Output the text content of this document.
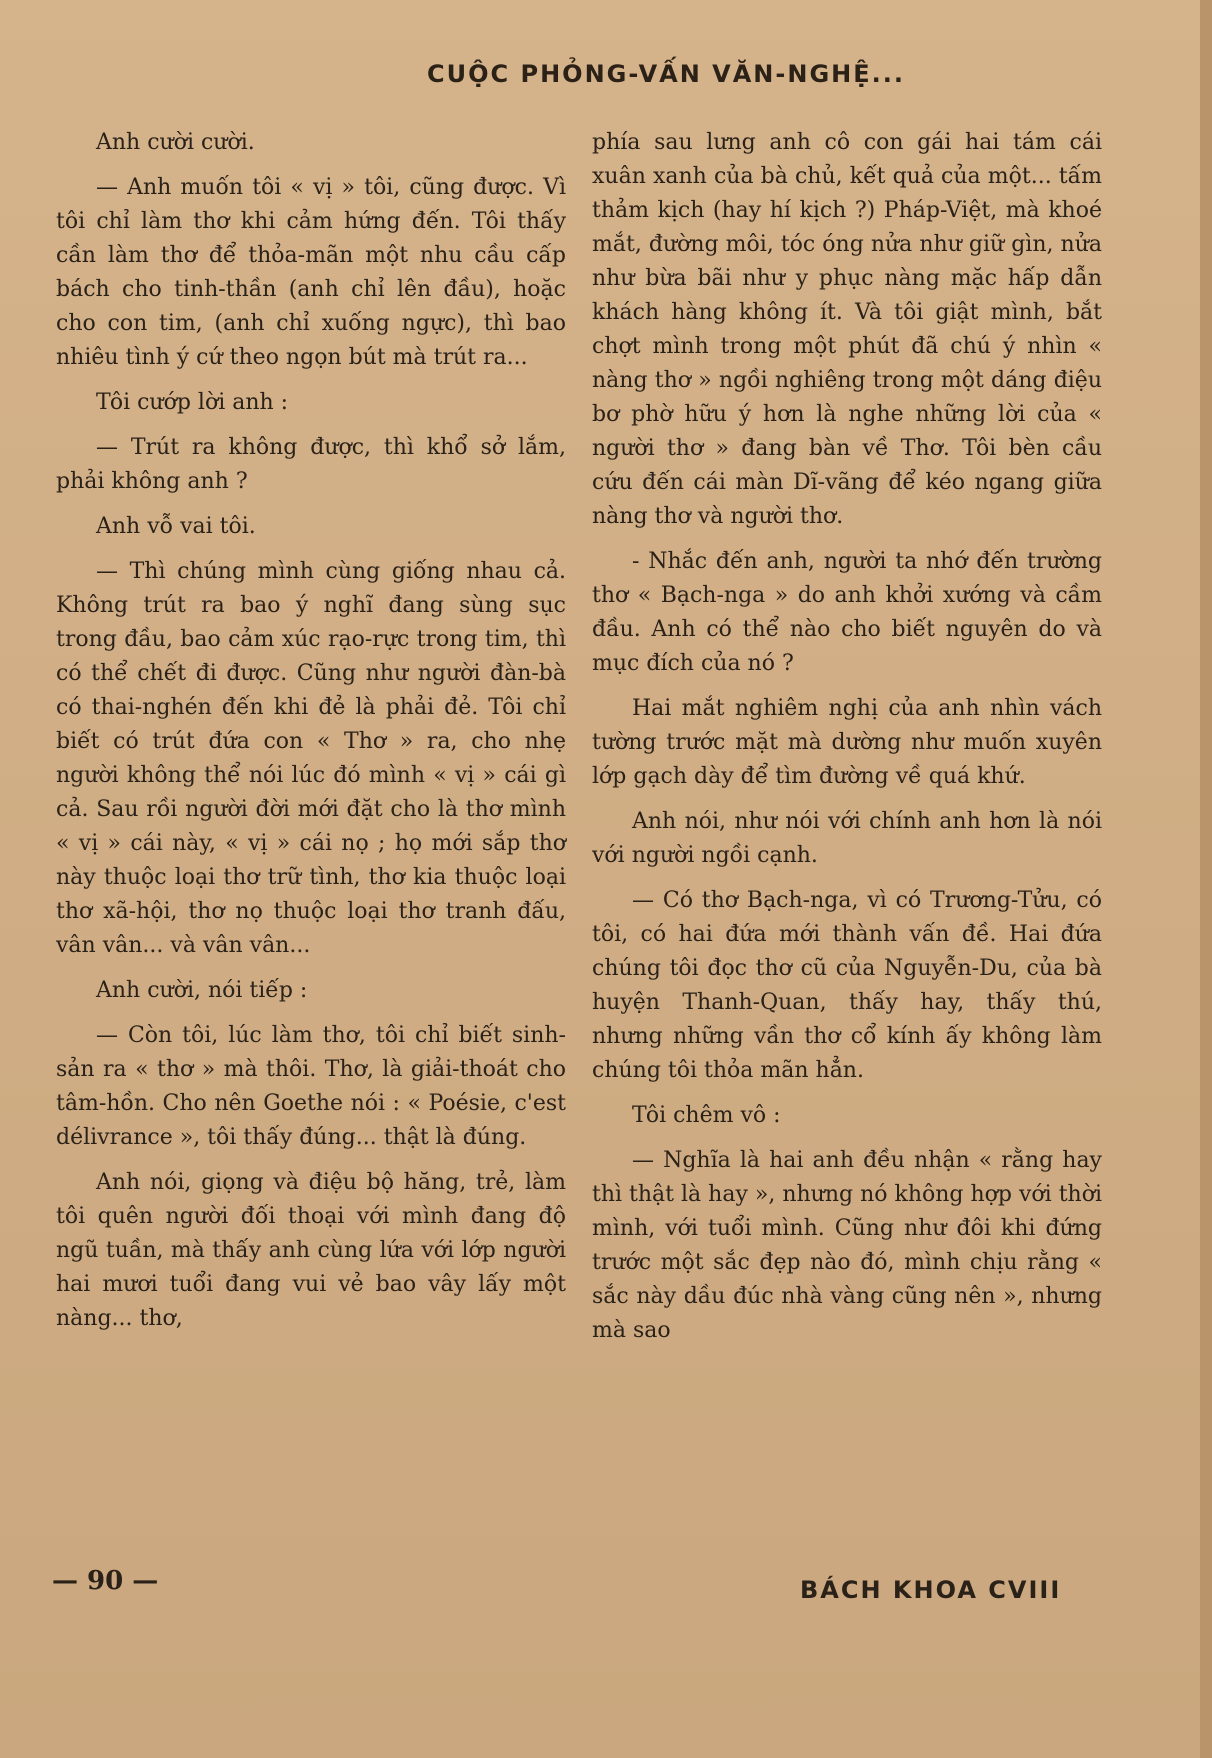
CUỘC PHỎNG-VẤN VĂN-NGHỆ...

Anh cười cười.

— Anh muốn tôi « vị » tôi, cũng được. Vì tôi chỉ làm thơ khi cảm hứng đến. Tôi thấy cần làm thơ để thỏa-mãn một nhu cầu cấp bách cho tinh-thần (anh chỉ lên đầu), hoặc cho con tim, (anh chỉ xuống ngực), thì bao nhiêu tình ý cứ theo ngọn bút mà trút ra...

Tôi cướp lời anh :

— Trút ra không được, thì khổ sở lắm, phải không anh ?

Anh vỗ vai tôi.

— Thì chúng mình cùng giống nhau cả. Không trút ra bao ý nghĩ đang sùng sục trong đầu, bao cảm xúc rạo-rực trong tim, thì có thể chết đi được. Cũng như người đàn-bà có thai-nghén đến khi đẻ là phải đẻ. Tôi chỉ biết có trút đứa con « Thơ » ra, cho nhẹ người không thể nói lúc đó mình « vị » cái gì cả. Sau rồi người đời mới đặt cho là thơ mình « vị » cái này, « vị » cái nọ ; họ mới sắp thơ này thuộc loại thơ trữ tình, thơ kia thuộc loại thơ xã-hội, thơ nọ thuộc loại thơ tranh đấu, vân vân... và vân vân...

Anh cười, nói tiếp :

— Còn tôi, lúc làm thơ, tôi chỉ biết sinh-sản ra « thơ » mà thôi. Thơ, là giải-thoát cho tâm-hồn. Cho nên Goethe nói : « Poésie, c'est délivrance », tôi thấy đúng... thật là đúng.

Anh nói, giọng và điệu bộ hăng, trẻ, làm tôi quên người đối thoại với mình đang độ ngũ tuần, mà thấy anh cùng lứa với lớp người hai mươi tuổi đang vui vẻ bao vây lấy một nàng... thơ,

phía sau lưng anh cô con gái hai tám cái xuân xanh của bà chủ, kết quả của một... tấm thảm kịch (hay hí kịch ?) Pháp-Việt, mà khoé mắt, đường môi, tóc óng nửa như giữ gìn, nửa như bừa bãi như y phục nàng mặc hấp dẫn khách hàng không ít. Và tôi giật mình, bắt chợt mình trong một phút đã chú ý nhìn « nàng thơ » ngồi nghiêng trong một dáng điệu bơ phờ hữu ý hơn là nghe những lời của « người thơ » đang bàn về Thơ. Tôi bèn cầu cứu đến cái màn Dĩ-vãng để kéo ngang giữa nàng thơ và người thơ.

- Nhắc đến anh, người ta nhớ đến trường thơ « Bạch-nga » do anh khởi xướng và cầm đầu. Anh có thể nào cho biết nguyên do và mục đích của nó ?

Hai mắt nghiêm nghị của anh nhìn vách tường trước mặt mà dường như muốn xuyên lớp gạch dày để tìm đường về quá khứ.

Anh nói, như nói với chính anh hơn là nói với người ngồi cạnh.

— Có thơ Bạch-nga, vì có Trương-Tửu, có tôi, có hai đứa mới thành vấn đề. Hai đứa chúng tôi đọc thơ cũ của Nguyễn-Du, của bà huyện Thanh-Quan, thấy hay, thấy thú, nhưng những vần thơ cổ kính ấy không làm chúng tôi thỏa mãn hẳn.

Tôi chêm vô :

— Nghĩa là hai anh đều nhận « rằng hay thì thật là hay », nhưng nó không hợp với thời mình, với tuổi mình. Cũng như đôi khi đứng trước một sắc đẹp nào đó, mình chịu rằng « sắc này dầu đúc nhà vàng cũng nên », nhưng mà sao

— 90 —	BÁCH KHOA CVIII
